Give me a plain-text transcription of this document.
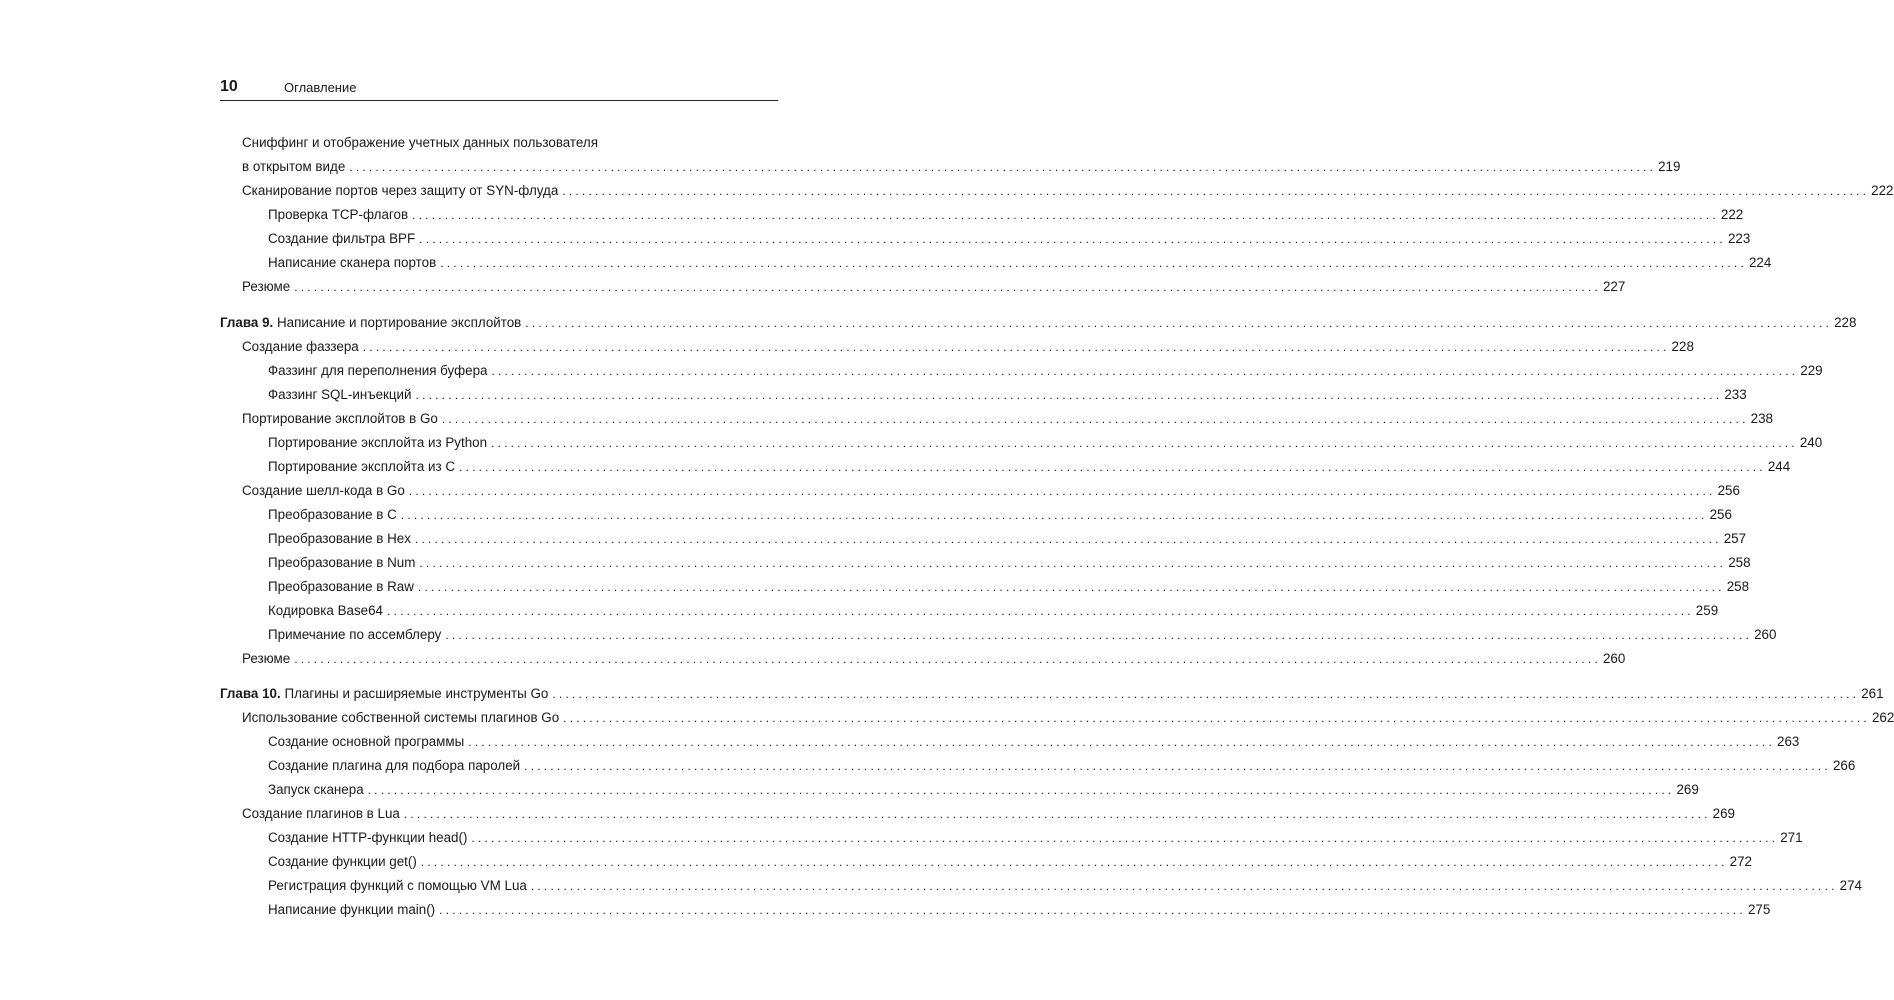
10	Оглавление
Сниффинг и отображение учетных данных пользователя
в открытом виде ........................................................................................................................................................................................................ 219
Сканирование портов через защиту от SYN-флуда ........................................................................................................................................................................................................ 222
Проверка TCP-флагов ........................................................................................................................................................................................................ 222
Создание фильтра BPF ........................................................................................................................................................................................................ 223
Написание сканера портов ........................................................................................................................................................................................................ 224
Резюме ........................................................................................................................................................................................................ 227
Глава 9. Написание и портирование эксплойтов ........................................................................................................................................................................................................ 228
Создание фаззера ........................................................................................................................................................................................................ 228
Фаззинг для переполнения буфера ........................................................................................................................................................................................................ 229
Фаззинг SQL-инъекций ........................................................................................................................................................................................................ 233
Портирование эксплойтов в Go ........................................................................................................................................................................................................ 238
Портирование эксплойта из Python ........................................................................................................................................................................................................ 240
Портирование эксплойта из C ........................................................................................................................................................................................................ 244
Создание шелл-кода в Go ........................................................................................................................................................................................................ 256
Преобразование в C ........................................................................................................................................................................................................ 256
Преобразование в Hex ........................................................................................................................................................................................................ 257
Преобразование в Num ........................................................................................................................................................................................................ 258
Преобразование в Raw ........................................................................................................................................................................................................ 258
Кодировка Base64 ........................................................................................................................................................................................................ 259
Примечание по ассемблеру ........................................................................................................................................................................................................ 260
Резюме ........................................................................................................................................................................................................ 260
Глава 10. Плагины и расширяемые инструменты Go ........................................................................................................................................................................................................ 261
Использование собственной системы плагинов Go ........................................................................................................................................................................................................ 262
Создание основной программы ........................................................................................................................................................................................................ 263
Создание плагина для подбора паролей ........................................................................................................................................................................................................ 266
Запуск сканера ........................................................................................................................................................................................................ 269
Создание плагинов в Lua ........................................................................................................................................................................................................ 269
Создание HTTP-функции head() ........................................................................................................................................................................................................ 271
Создание функции get() ........................................................................................................................................................................................................ 272
Регистрация функций с помощью VM Lua ........................................................................................................................................................................................................ 274
Написание функции main() ........................................................................................................................................................................................................ 275
